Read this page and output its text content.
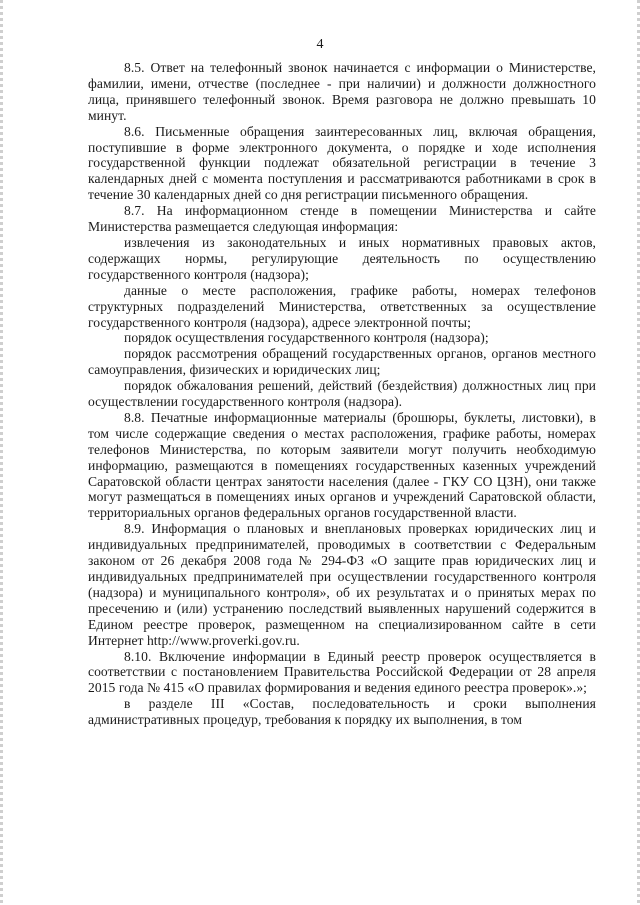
4

8.5. Ответ на телефонный звонок начинается с информации о Министерстве, фамилии, имени, отчестве (последнее - при наличии) и должности должностного лица, принявшего телефонный звонок. Время разговора не должно превышать 10 минут.

8.6. Письменные обращения заинтересованных лиц, включая обращения, поступившие в форме электронного документа, о порядке и ходе исполнения государственной функции подлежат обязательной регистрации в течение 3 календарных дней с момента поступления и рассматриваются работниками в срок в течение 30 календарных дней со дня регистрации письменного обращения.

8.7. На информационном стенде в помещении Министерства и сайте Министерства размещается следующая информация:

извлечения из законодательных и иных нормативных правовых актов, содержащих нормы, регулирующие деятельность по осуществлению государственного контроля (надзора);

данные о месте расположения, графике работы, номерах телефонов структурных подразделений Министерства, ответственных за осуществление государственного контроля (надзора), адресе электронной почты;

порядок осуществления государственного контроля (надзора);

порядок рассмотрения обращений государственных органов, органов местного самоуправления, физических и юридических лиц;

порядок обжалования решений, действий (бездействия) должностных лиц при осуществлении государственного контроля (надзора).

8.8. Печатные информационные материалы (брошюры, буклеты, листовки), в том числе содержащие сведения о местах расположения, графике работы, номерах телефонов Министерства, по которым заявители могут получить необходимую информацию, размещаются в помещениях государственных казенных учреждений Саратовской области центрах занятости населения (далее - ГКУ СО ЦЗН), они также могут размещаться в помещениях иных органов и учреждений Саратовской области, территориальных органов федеральных органов государственной власти.

8.9. Информация о плановых и внеплановых проверках юридических лиц и индивидуальных предпринимателей, проводимых в соответствии с Федеральным законом от 26 декабря 2008 года № 294-ФЗ «О защите прав юридических лиц и индивидуальных предпринимателей при осуществлении государственного контроля (надзора) и муниципального контроля», об их результатах и о принятых мерах по пресечению и (или) устранению последствий выявленных нарушений содержится в Едином реестре проверок, размещенном на специализированном сайте в сети Интернет http://www.proverki.gov.ru.

8.10. Включение информации в Единый реестр проверок осуществляется в соответствии с постановлением Правительства Российской Федерации от 28 апреля 2015 года № 415 «О правилах формирования и ведения единого реестра проверок».»;

в разделе III «Состав, последовательность и сроки выполнения административных процедур, требования к порядку их выполнения, в том
